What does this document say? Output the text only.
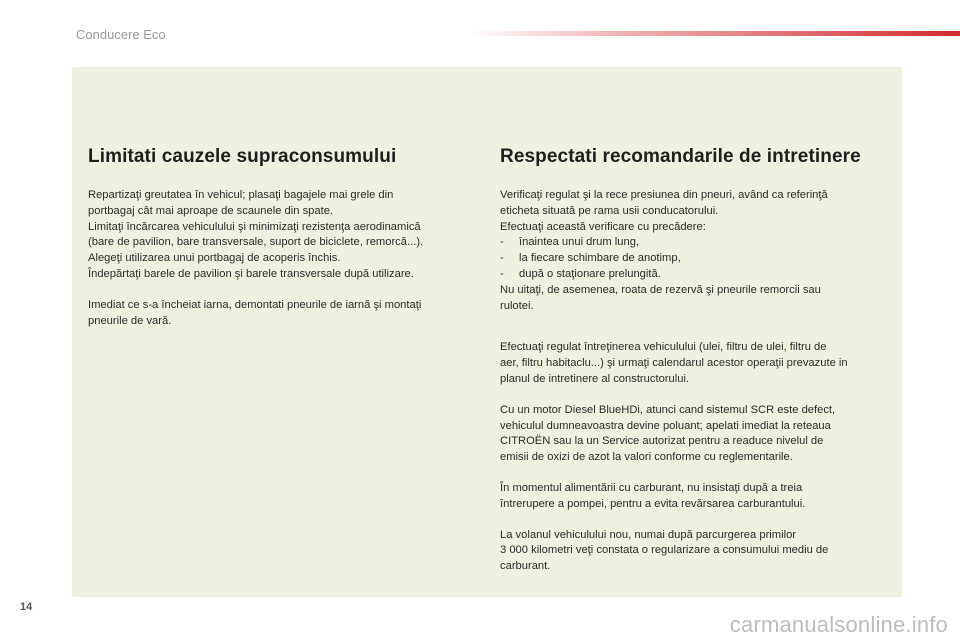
Conducere Eco
Limitati cauzele supraconsumului

Repartizaţi greutatea în vehicul; plasaţi bagajele mai grele din
portbagaj cât mai aproape de scaunele din spate.
Limitaţi încărcarea vehiculului şi minimizaţi rezistenţa aerodinamică
(bare de pavilion, bare transversale, suport de biciclete, remorcă...).
Alegeţi utilizarea unui portbagaj de acoperis închis.
Îndepărtaţi barele de pavilion şi barele transversale după utilizare.

Imediat ce s-a încheiat iarna, demontati pneurile de iarnă şi montaţi
pneurile de vară.

Respectati recomandarile de intretinere

Verificaţi regulat şi la rece presiunea din pneuri, având ca referinţă
eticheta situată pe rama usii conducatorului.
Efectuaţi această verificare cu precădere:
- înaintea unui drum lung,
- la fiecare schimbare de anotimp,
- după o staţionare prelungită.
Nu uitaţi, de asemenea, roata de rezervă şi pneurile remorcii sau
rulotei.

Efectuaţi regulat întreţinerea vehiculului (ulei, filtru de ulei, filtru de
aer, filtru habitaclu...) şi urmaţi calendarul acestor operaţii prevazute in
planul de intretinere al constructorului.

Cu un motor Diesel BlueHDi, atunci cand sistemul SCR este defect,
vehiculul dumneavoastra devine poluant; apelati imediat la reteaua
CITROËN sau la un Service autorizat pentru a readuce nivelul de
emisii de oxizi de azot la valori conforme cu reglementarile.

În momentul alimentării cu carburant, nu insistaţi după a treia
întrerupere a pompei, pentru a evita revărsarea carburantului.

La volanul vehiculului nou, numai după parcurgerea primilor
3 000 kilometri veţi constata o regularizare a consumului mediu de
carburant.

14
carmanualsonline.info
